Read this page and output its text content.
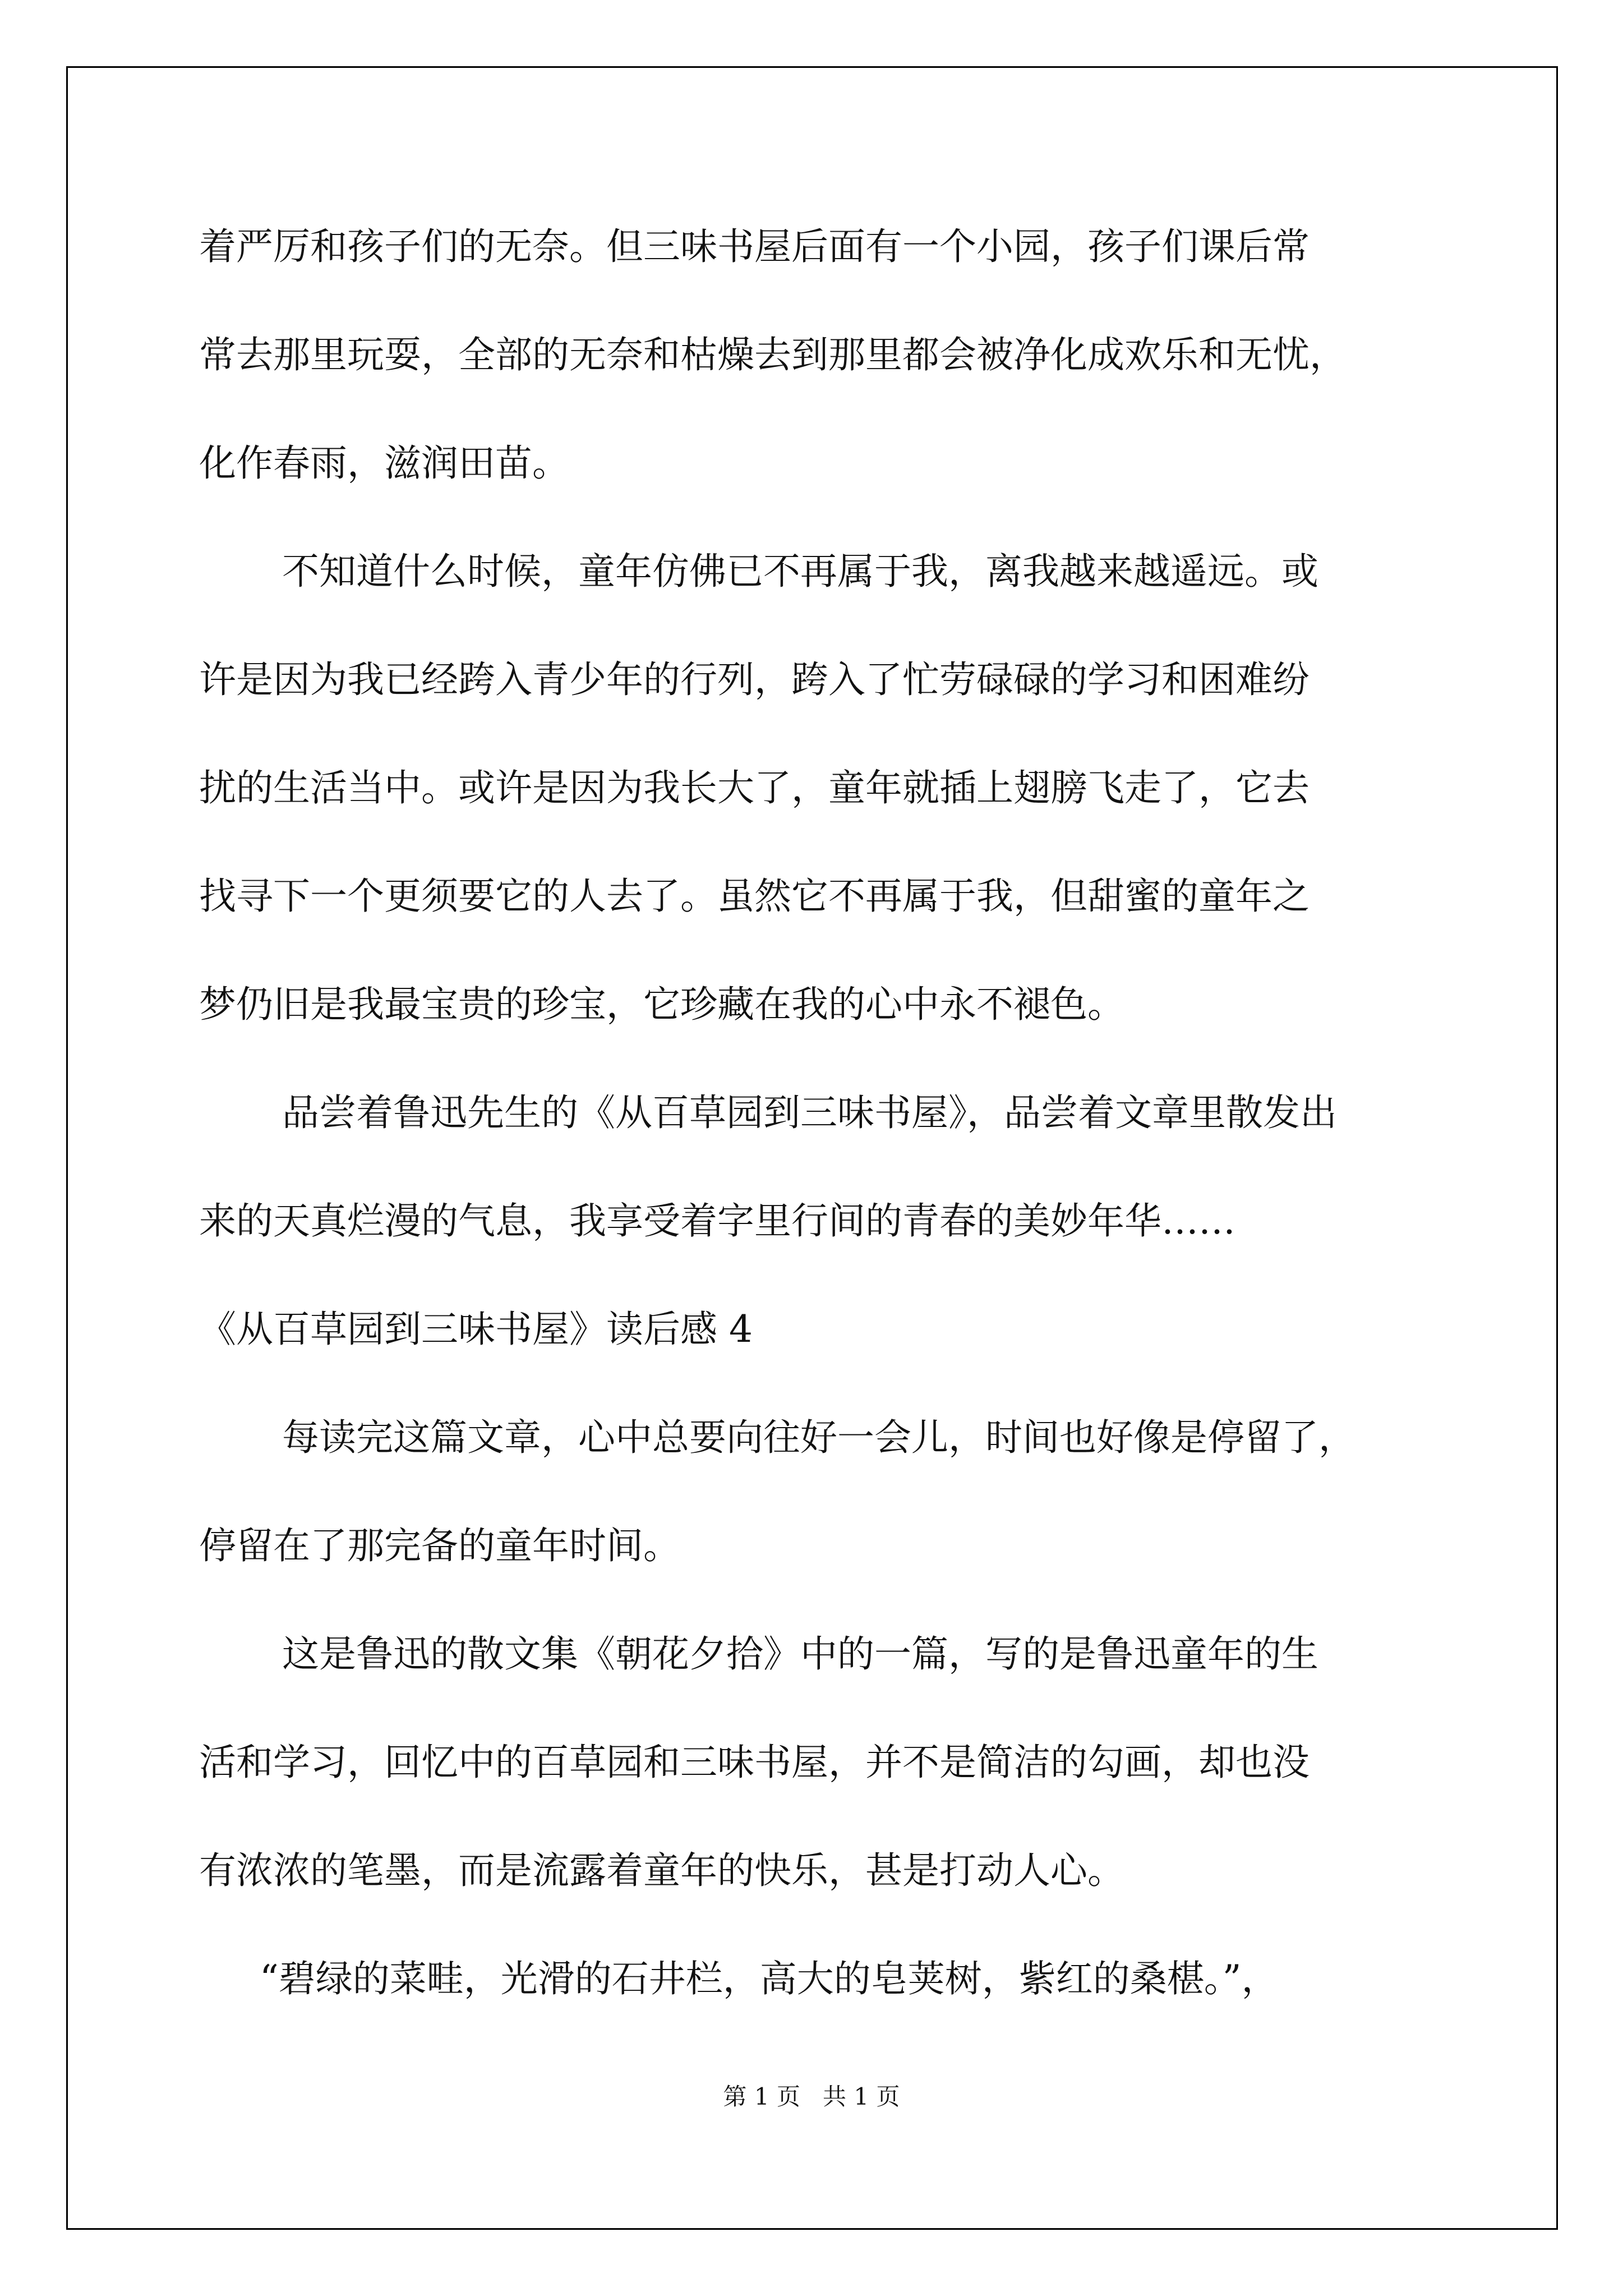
着严厉和孩子们的无奈。但三味书屋后面有一个小园，孩子们课后常
常去那里玩耍，全部的无奈和枯燥去到那里都会被净化成欢乐和无忧，
化作春雨，滋润田苗。
不知道什么时候，童年仿佛已不再属于我，离我越来越遥远。或
许是因为我已经跨入青少年的行列，跨入了忙劳碌碌的学习和困难纷
扰的生活当中。或许是因为我长大了，童年就插上翅膀飞走了，它去
找寻下一个更须要它的人去了。虽然它不再属于我，但甜蜜的童年之
梦仍旧是我最宝贵的珍宝，它珍藏在我的心中永不褪色。
品尝着鲁迅先生的《从百草园到三味书屋》，品尝着文章里散发出
来的天真烂漫的气息，我享受着字里行间的青春的美妙年华……
《从百草园到三味书屋》读后感 4
每读完这篇文章，心中总要向往好一会儿，时间也好像是停留了，
停留在了那完备的童年时间。
这是鲁迅的散文集《朝花夕拾》中的一篇，写的是鲁迅童年的生
活和学习，回忆中的百草园和三味书屋，并不是简洁的勾画，却也没
有浓浓的笔墨，而是流露着童年的快乐，甚是打动人心。
“碧绿的菜畦，光滑的石井栏，高大的皂荚树，紫红的桑椹。”，
第 1 页   共 1 页
